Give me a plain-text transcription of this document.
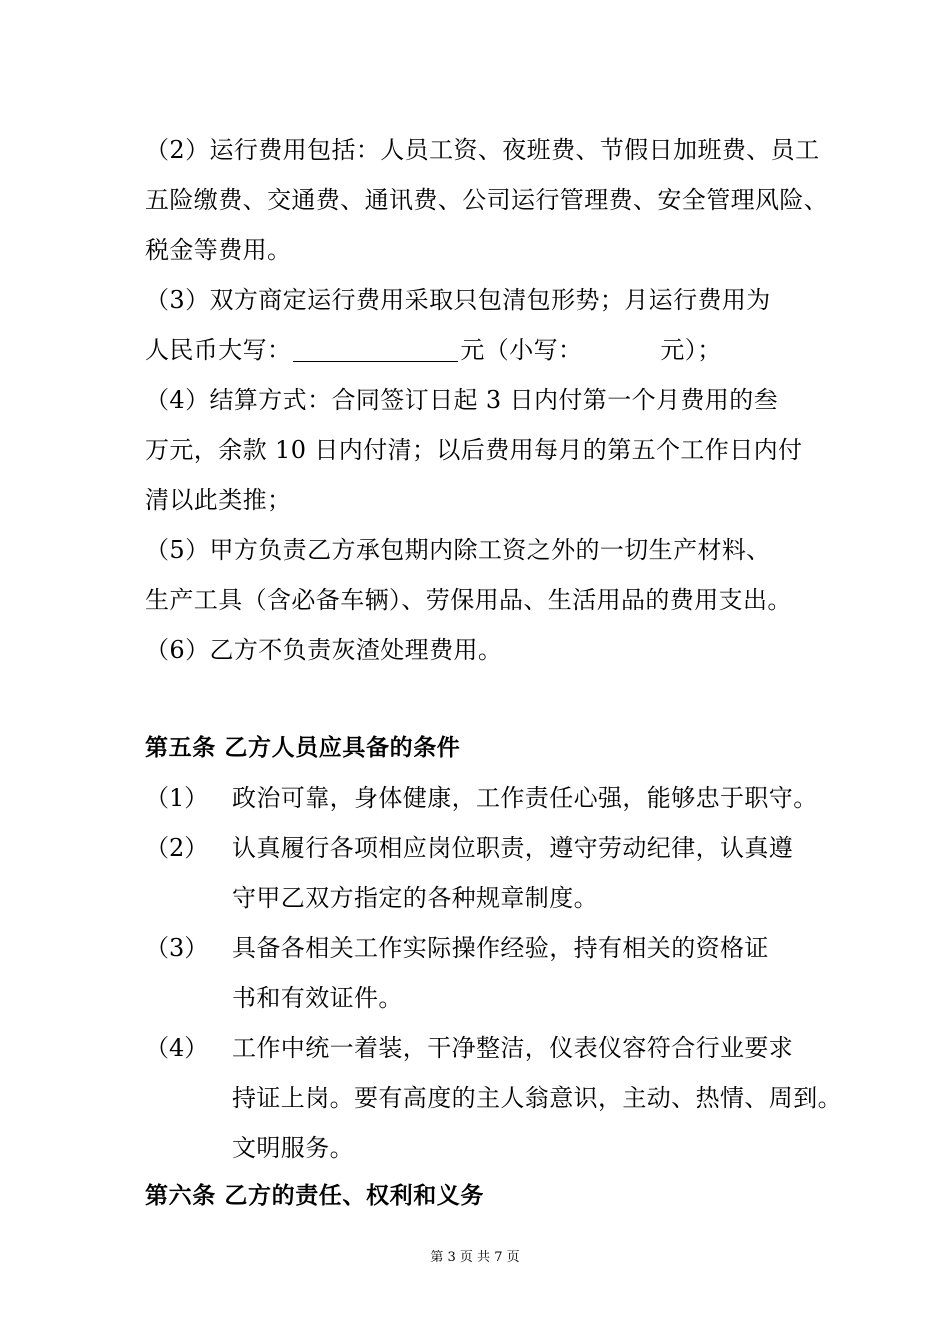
（2）运行费用包括：人员工资、夜班费、节假日加班费、员工
五险缴费、交通费、通讯费、公司运行管理费、安全管理风险、
税金等费用。
（3）双方商定运行费用采取只包清包形势；月运行费用为
人民币大写：	元（小写：	元）；
（4）结算方式：合同签订日起 3 日内付第一个月费用的叁
万元，余款 10 日内付清；以后费用每月的第五个工作日内付
清以此类推；
（5）甲方负责乙方承包期内除工资之外的一切生产材料、
生产工具（含必备车辆）、劳保用品、生活用品的费用支出。
（6）乙方不负责灰渣处理费用。
第五条 乙方人员应具备的条件
（1） 政治可靠，身体健康，工作责任心强，能够忠于职守。
（2） 认真履行各项相应岗位职责，遵守劳动纪律，认真遵
守甲乙双方指定的各种规章制度。
（3） 具备各相关工作实际操作经验，持有相关的资格证
书和有效证件。
（4） 工作中统一着装，干净整洁，仪表仪容符合行业要求
持证上岗。要有高度的主人翁意识，主动、热情、周到。
文明服务。
第六条 乙方的责任、权利和义务
第 3 页 共 7 页
